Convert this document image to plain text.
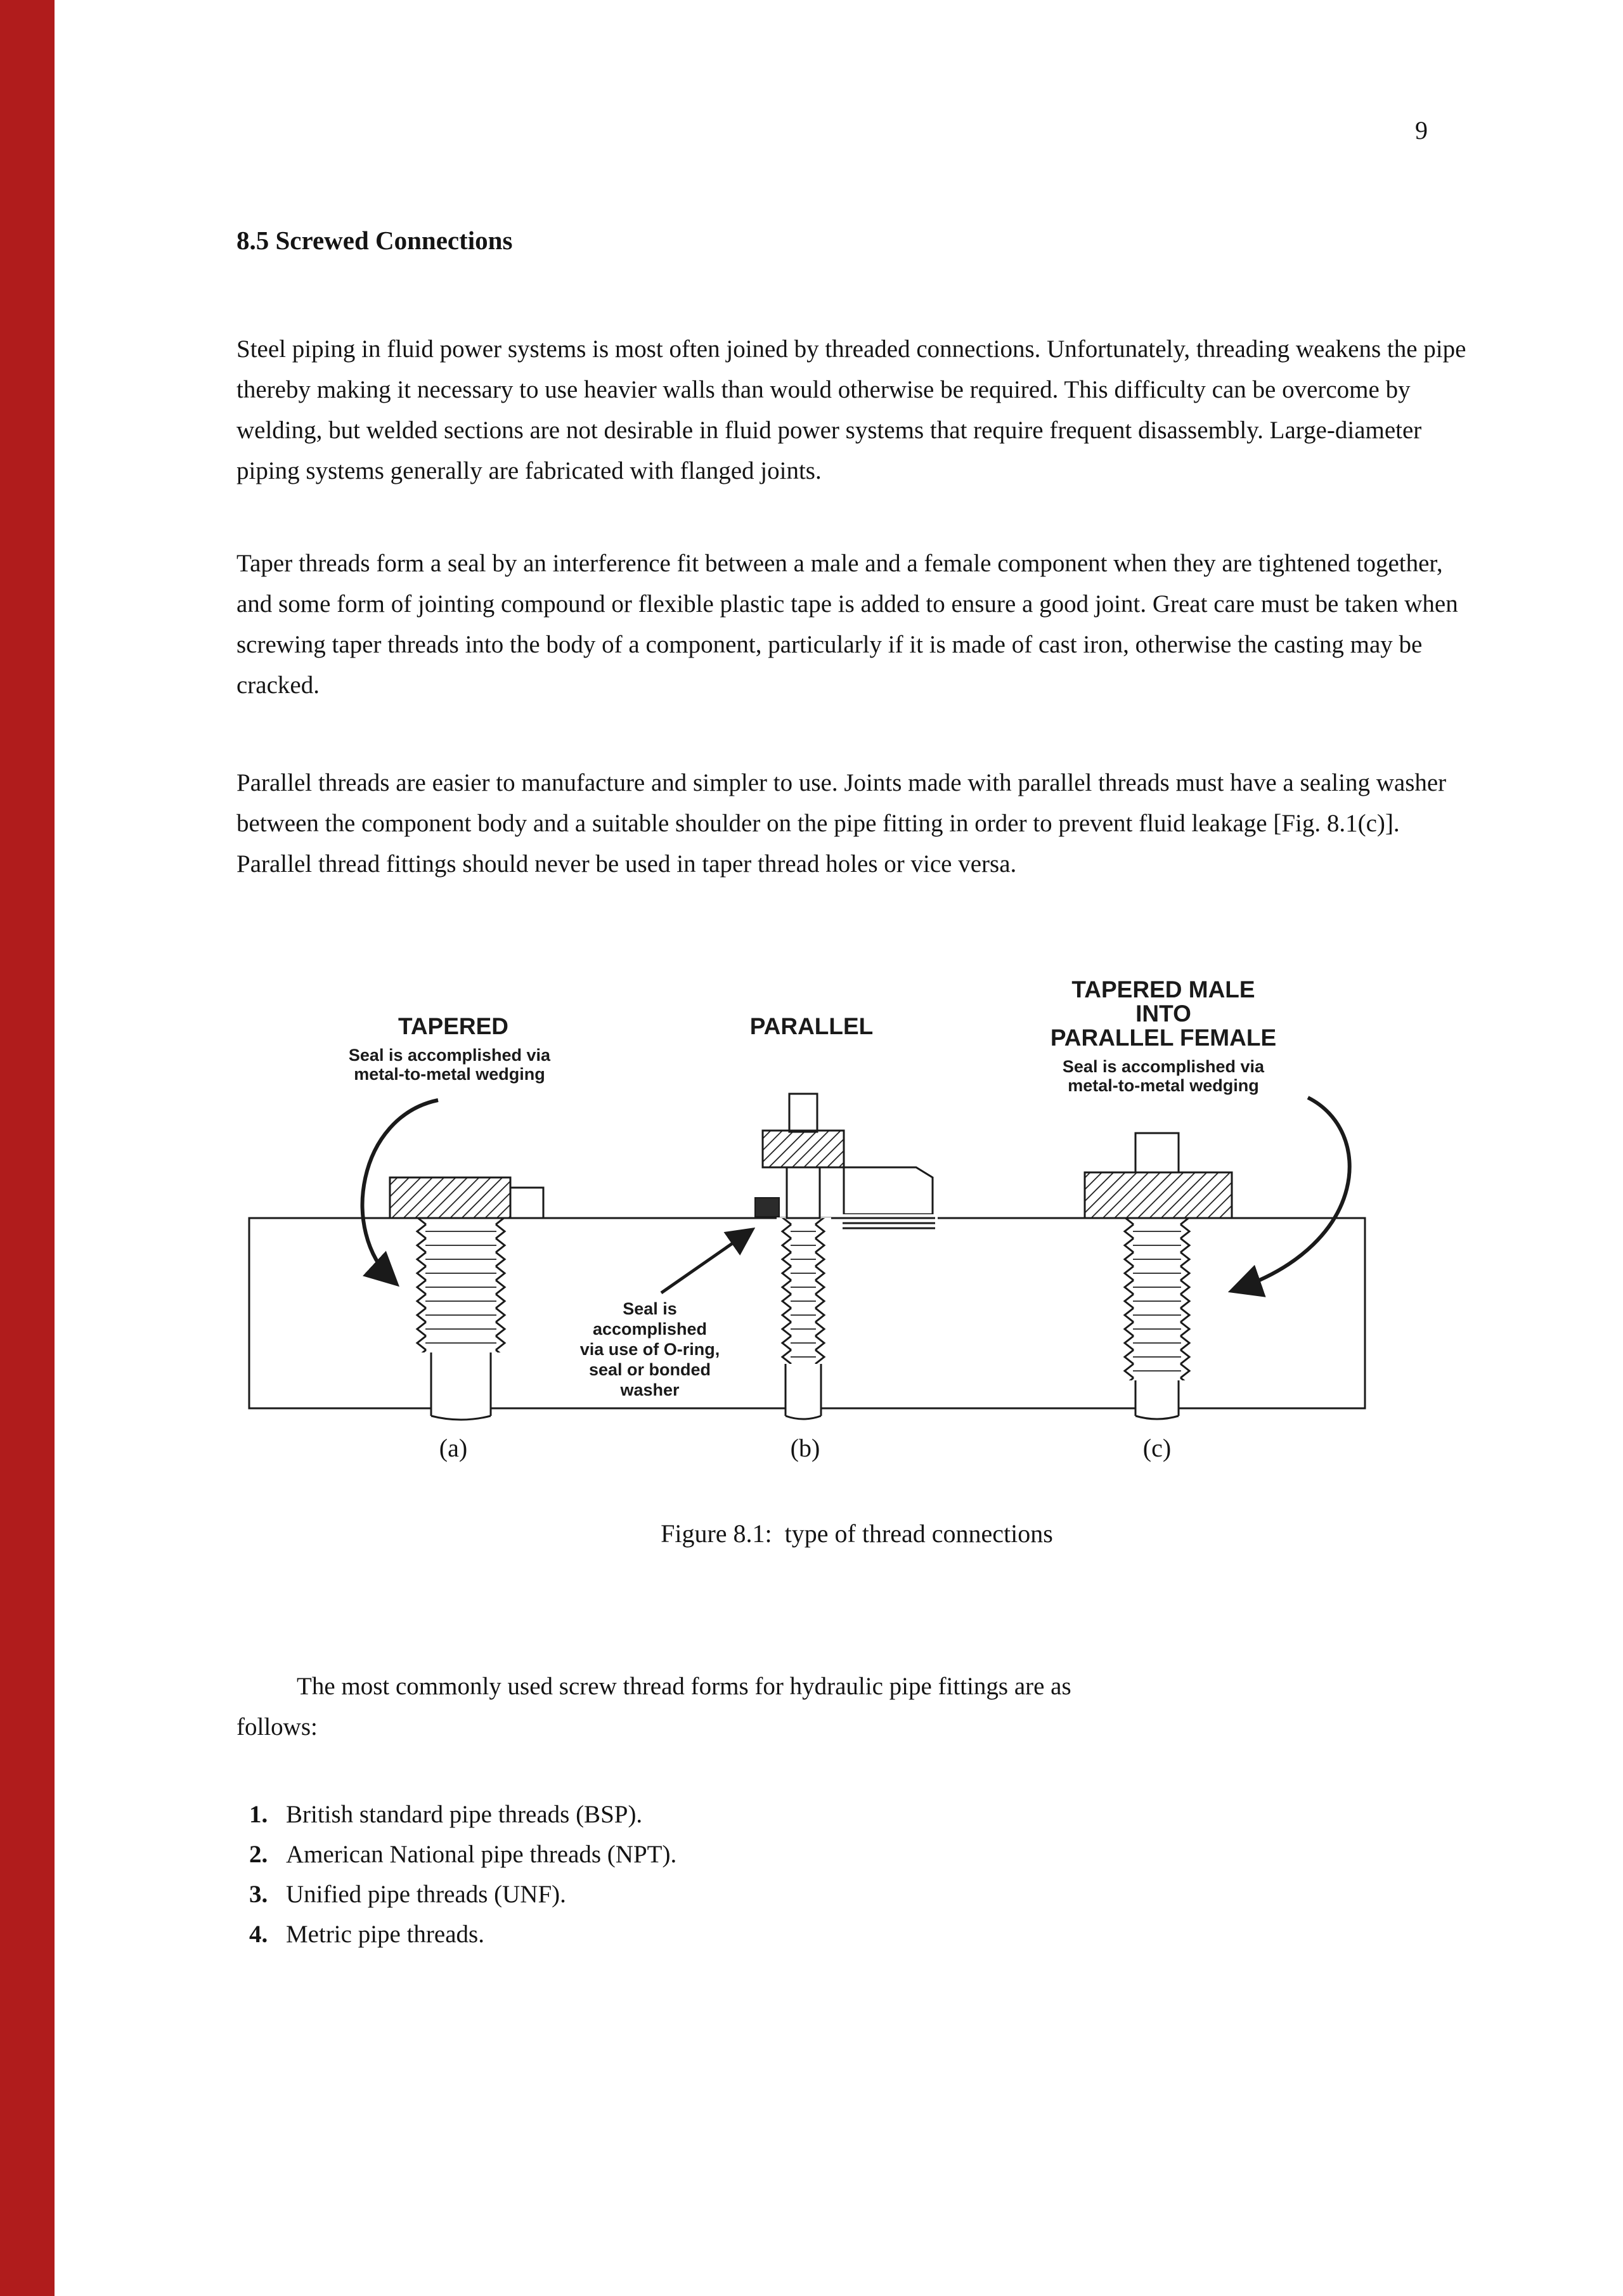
9
8.5 Screwed Connections

Steel piping in fluid power systems is most often joined by threaded connections. Unfortunately, threading weakens the pipe thereby making it necessary to use heavier walls than would otherwise be required. This difficulty can be overcome by welding, but welded sections are not desirable in fluid power systems that require frequent disassembly. Large-diameter piping systems generally are fabricated with flanged joints.

Taper threads form a seal by an interference fit between a male and a female component when they are tightened together, and some form of jointing compound or flexible plastic tape is added to ensure a good joint. Great care must be taken when screwing taper threads into the body of a component, particularly if it is made of cast iron, otherwise the casting may be cracked.

Parallel threads are easier to manufacture and simpler to use. Joints made with parallel threads must have a sealing washer between the component body and a suitable shoulder on the pipe fitting in order to prevent fluid leakage [Fig. 8.1(c)]. Parallel thread fittings should never be used in taper thread holes or vice versa.

TAPERED
Seal is accomplished via
metal-to-metal wedging
PARALLEL
TAPERED MALE
INTO
PARALLEL FEMALE
Seal is accomplished via
metal-to-metal wedging
Seal is
accomplished
via use of O-ring,
seal or bonded
washer
(a)	(b)	(c)
Figure 8.1:  type of thread connections

The most commonly used screw thread forms for hydraulic pipe fittings are as
follows:

1. British standard pipe threads (BSP).
2. American National pipe threads (NPT).
3. Unified pipe threads (UNF).
4. Metric pipe threads.
